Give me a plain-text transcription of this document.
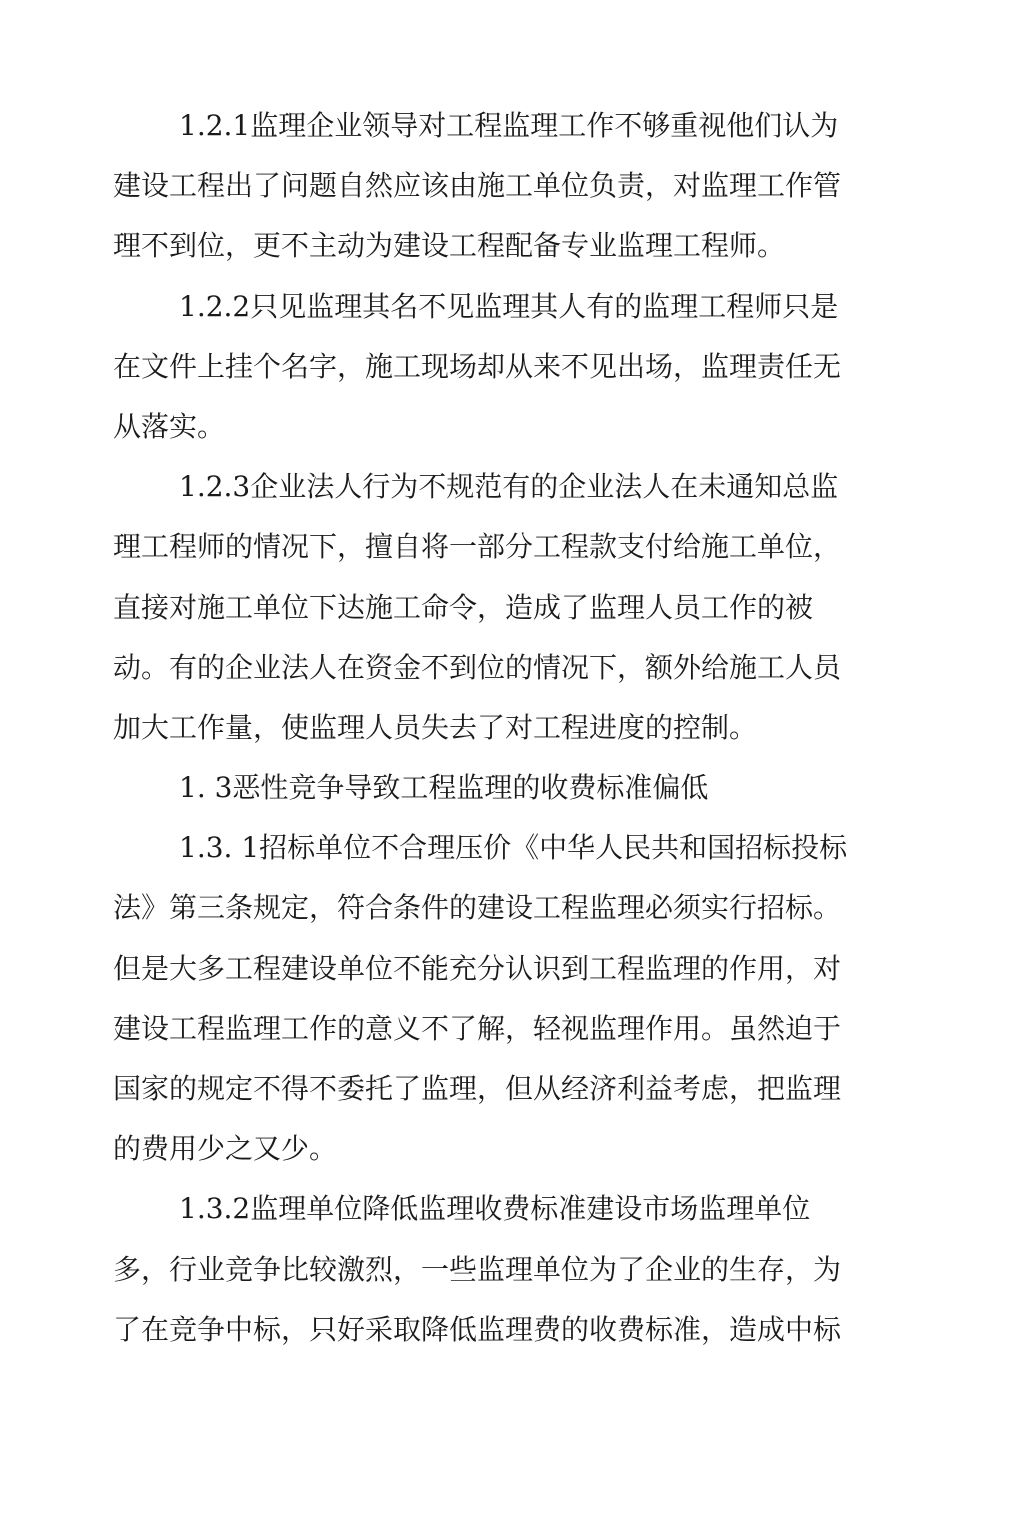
1.2.1监理企业领导对工程监理工作不够重视他们认为
建设工程出了问题自然应该由施工单位负责，对监理工作管
理不到位，更不主动为建设工程配备专业监理工程师。
1.2.2只见监理其名不见监理其人有的监理工程师只是
在文件上挂个名字，施工现场却从来不见出场，监理责任无
从落实。
1.2.3企业法人行为不规范有的企业法人在未通知总监
理工程师的情况下，擅自将一部分工程款支付给施工单位，
直接对施工单位下达施工命令，造成了监理人员工作的被
动。有的企业法人在资金不到位的情况下，额外给施工人员
加大工作量，使监理人员失去了对工程进度的控制。
1. 3恶性竞争导致工程监理的收费标准偏低
1.3. 1招标单位不合理压价《中华人民共和国招标投标
法》第三条规定，符合条件的建设工程监理必须实行招标。
但是大多工程建设单位不能充分认识到工程监理的作用，对
建设工程监理工作的意义不了解，轻视监理作用。虽然迫于
国家的规定不得不委托了监理，但从经济利益考虑，把监理
的费用少之又少。
1.3.2监理单位降低监理收费标准建设市场监理单位
多，行业竞争比较激烈，一些监理单位为了企业的生存，为
了在竞争中标，只好采取降低监理费的收费标准，造成中标
